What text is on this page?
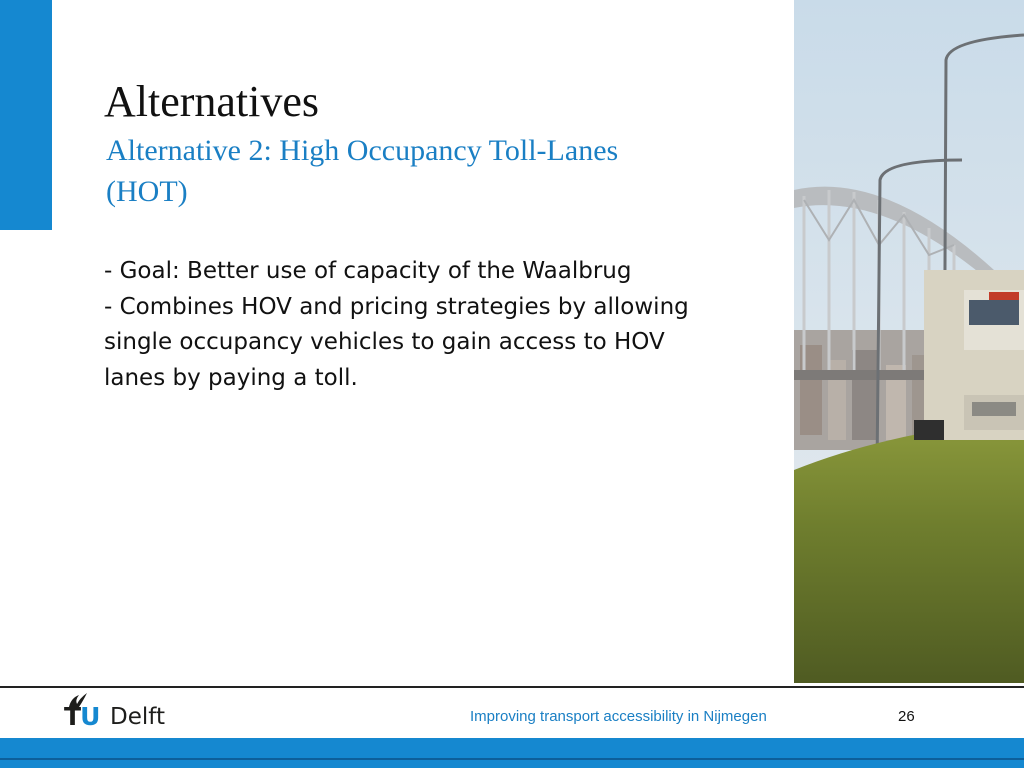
Alternatives
Alternative 2: High Occupancy Toll-Lanes
(HOT)
- Goal: Better use of capacity of the Waalbrug
- Combines HOV and pricing strategies by allowing
single occupancy vehicles to gain access to HOV
lanes by paying a toll.
TU Delft	Improving transport accessibility in Nijmegen	26
